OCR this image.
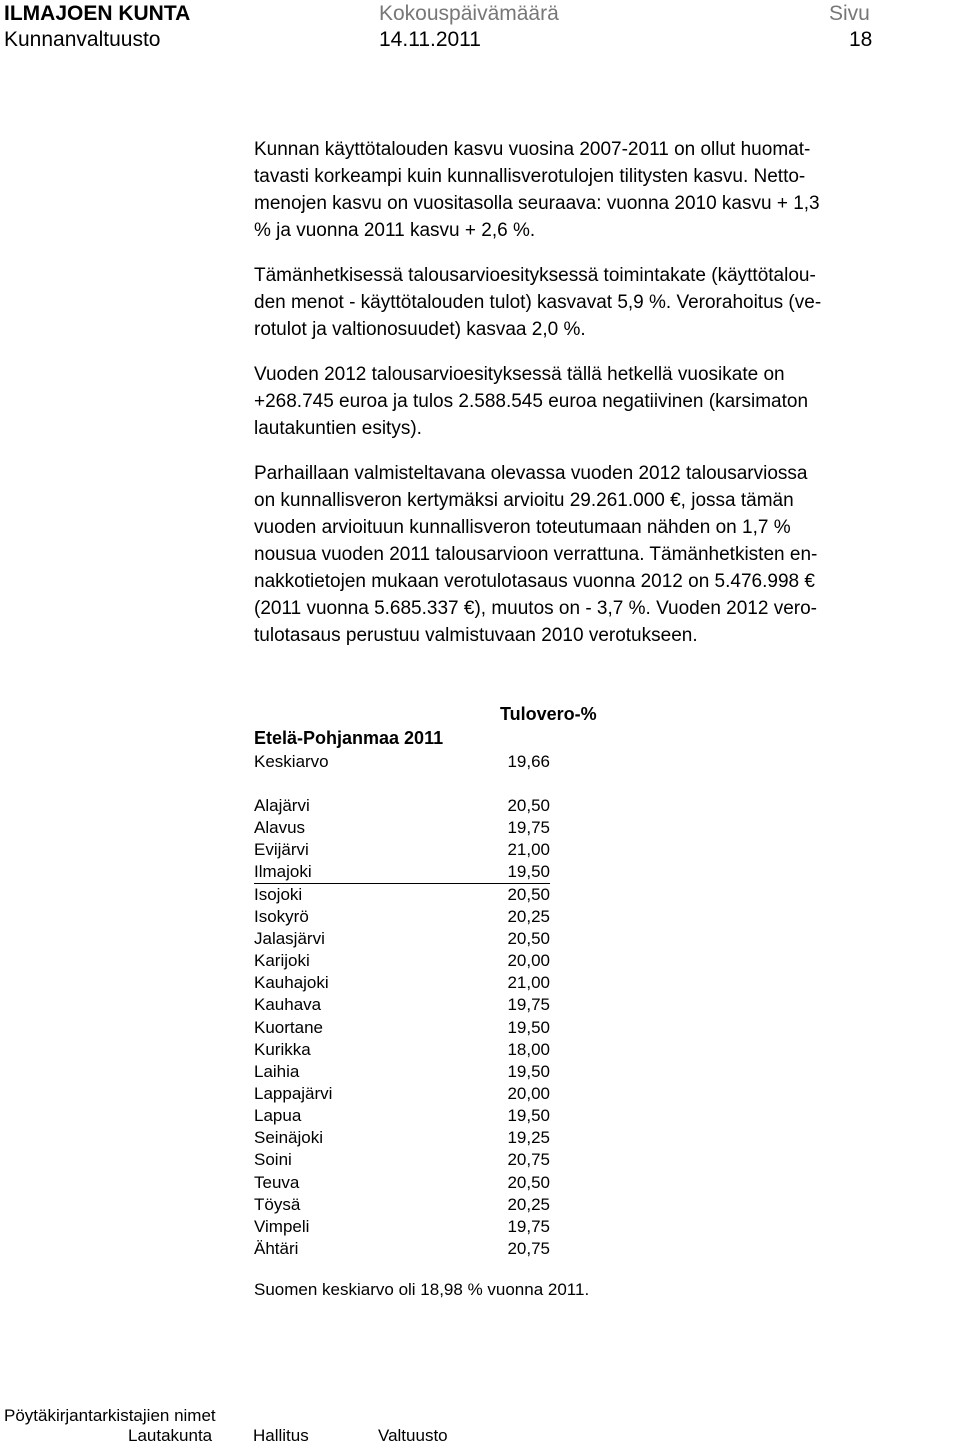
ILMAJOEN KUNTA
Kunnanvaltuusto
Kokouspäivämäärä
14.11.2011
Sivu
18

Kunnan käyttötalouden kasvu vuosina 2007-2011 on ollut huomat-
tavasti korkeampi kuin kunnallisverotulojen tilitysten kasvu. Netto-
menojen kasvu on vuositasolla seuraava: vuonna 2010 kasvu + 1,3
% ja vuonna 2011 kasvu + 2,6 %.

Tämänhetkisessä talousarvioesityksessä toimintakate (käyttötalou-
den menot - käyttötalouden tulot) kasvavat 5,9 %. Verorahoitus (ve-
rotulot ja valtionosuudet) kasvaa 2,0 %.

Vuoden 2012 talousarvioesityksessä tällä hetkellä vuosikate on
+268.745 euroa ja tulos 2.588.545 euroa negatiivinen (karsimaton
lautakuntien esitys).

Parhaillaan valmisteltavana olevassa vuoden 2012 talousarviossa
on kunnallisveron kertymäksi arvioitu 29.261.000 €, jossa tämän
vuoden arvioituun kunnallisveron toteutumaan nähden on 1,7 %
nousua vuoden 2011 talousarvioon verrattuna. Tämänhetkisten en-
nakkotietojen mukaan verotulotasaus vuonna 2012 on 5.476.998 €
(2011 vuonna 5.685.337 €), muutos on - 3,7 %. Vuoden 2012 vero-
tulotasaus perustuu valmistuvaan 2010 verotukseen.

Tulovero-%
Etelä-Pohjanmaa 2011
Keskiarvo	19,66
Alajärvi	20,50
Alavus	19,75
Evijärvi	21,00
Ilmajoki	19,50
Isojoki	20,50
Isokyrö	20,25
Jalasjärvi	20,50
Karijoki	20,00
Kauhajoki	21,00
Kauhava	19,75
Kuortane	19,50
Kurikka	18,00
Laihia	19,50
Lappajärvi	20,00
Lapua	19,50
Seinäjoki	19,25
Soini	20,75
Teuva	20,50
Töysä	20,25
Vimpeli	19,75
Ähtäri	20,75
Suomen keskiarvo oli 18,98 % vuonna 2011.
Pöytäkirjantarkistajien nimet
Lautakunta Hallitus	Valtuusto
